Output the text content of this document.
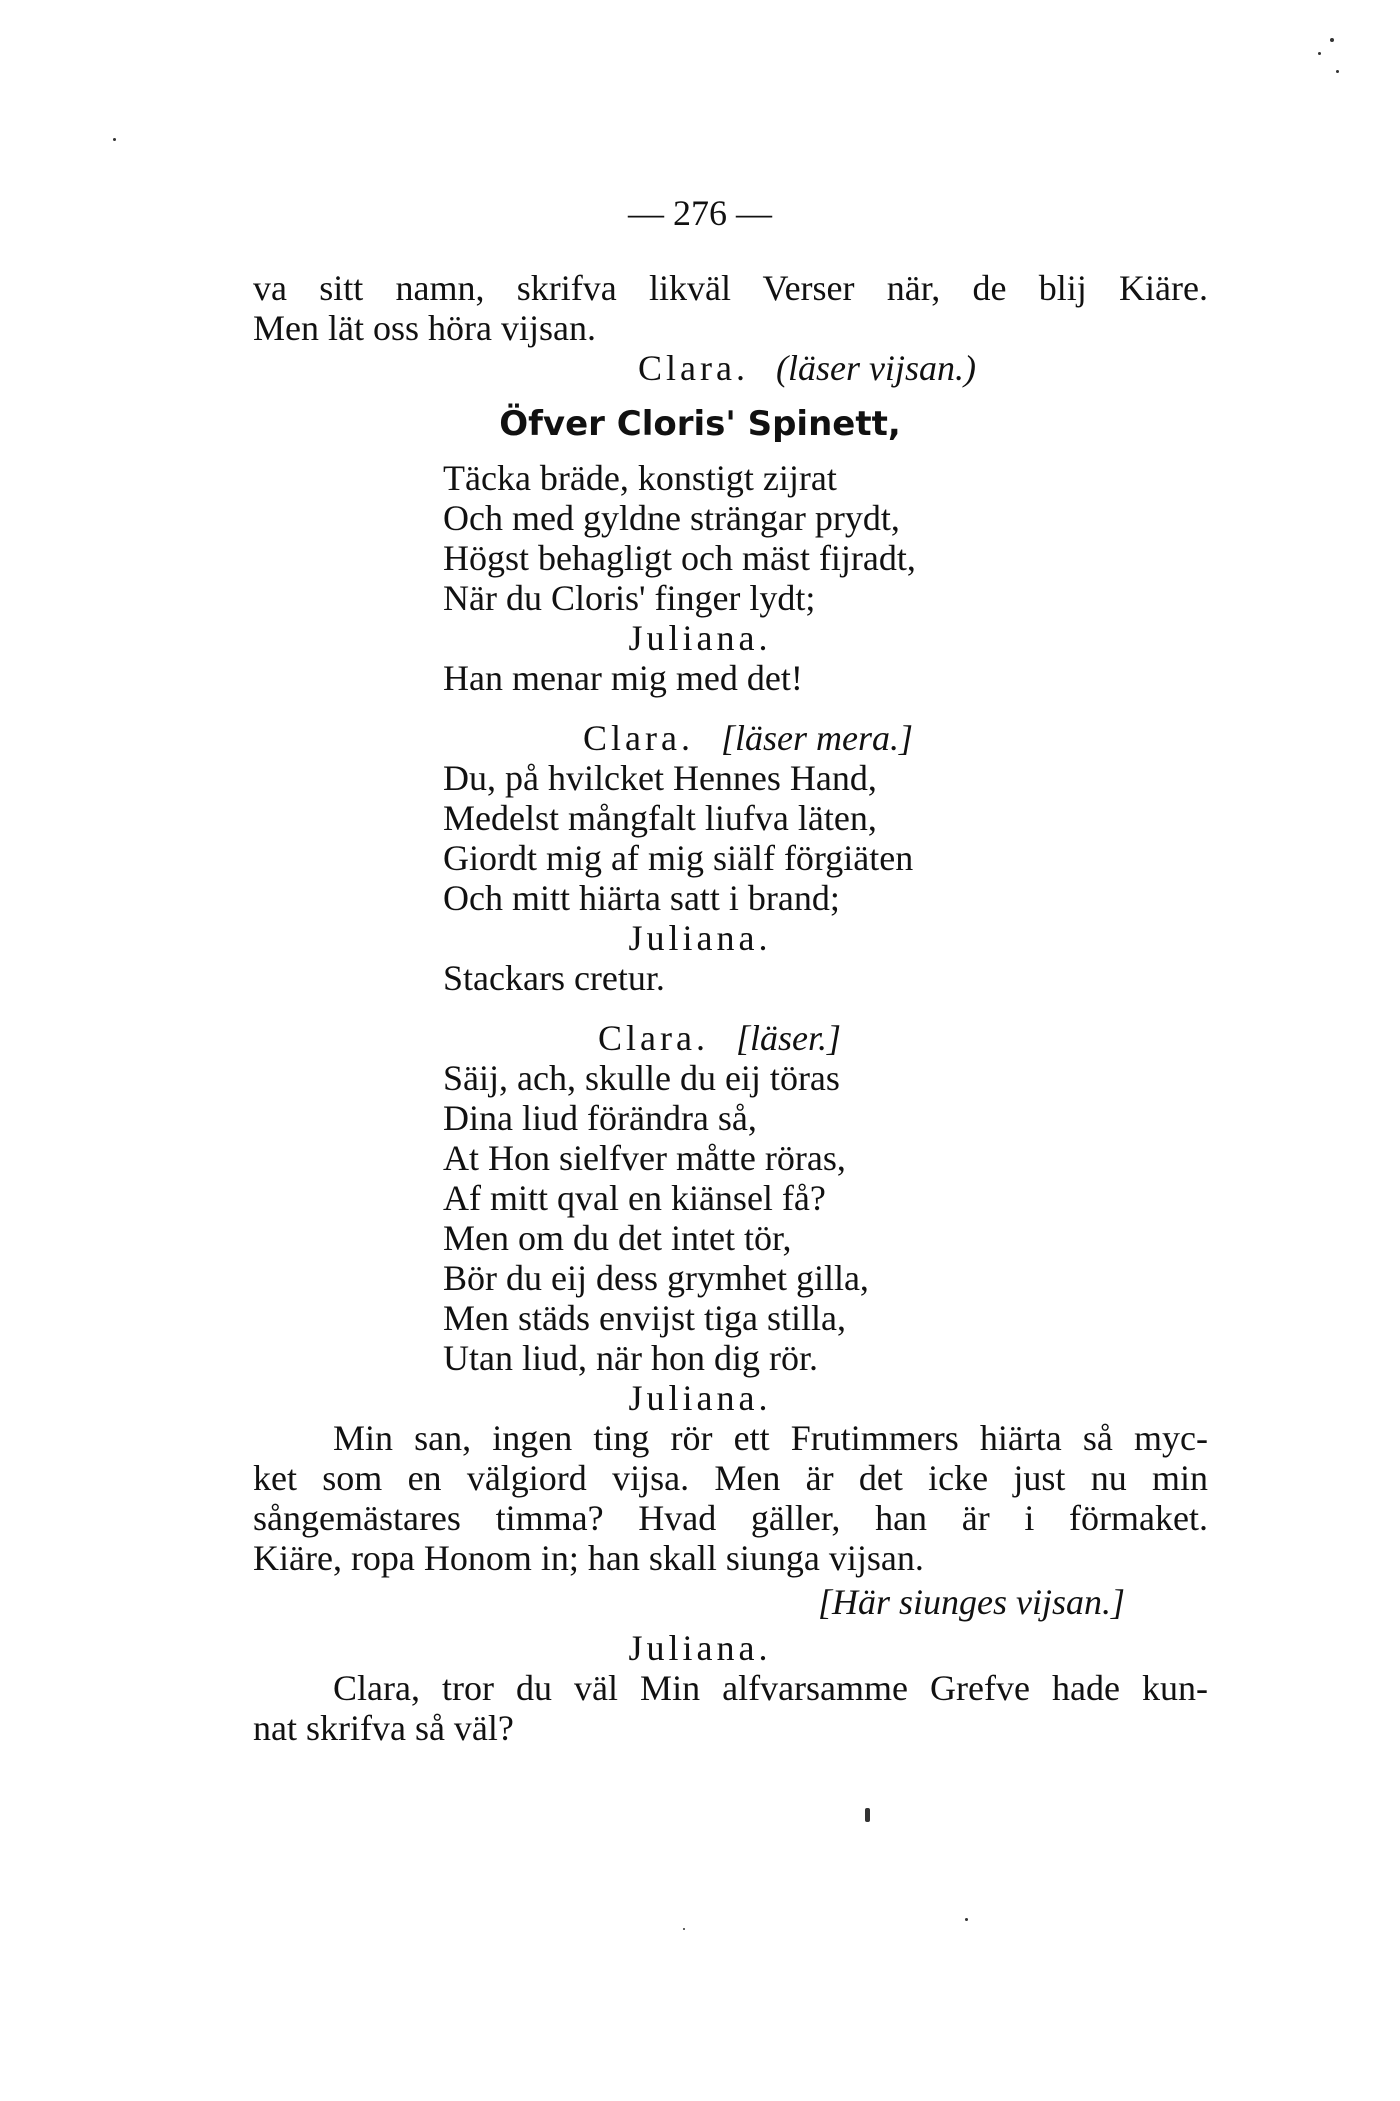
— 276 —
va sitt namn, skrifva likväl Verser när, de blij Kiäre.
Men lät oss höra vijsan.
Clara. (läser vijsan.)
Öfver Cloris' Spinett,
Täcka bräde, konstigt zijrat
Och med gyldne strängar prydt,
Högst behagligt och mäst fijradt,
När du Cloris' finger lydt;
Juliana.
Han menar mig med det!
Clara. [läser mera.]
Du, på hvilcket Hennes Hand,
Medelst mångfalt liufva läten,
Giordt mig af mig siälf förgiäten
Och mitt hiärta satt i brand;
Juliana.
Stackars cretur.
Clara. [läser.]
Säij, ach, skulle du eij töras
Dina liud förändra så,
At Hon sielfver måtte röras,
Af mitt qval en kiänsel få?
Men om du det intet tör,
Bör du eij dess grymhet gilla,
Men städs envijst tiga stilla,
Utan liud, när hon dig rör.
Juliana.
Min san, ingen ting rör ett Frutimmers hiärta så myc-
ket som en välgiord vijsa. Men är det icke just nu min
sångemästares timma? Hvad gäller, han är i förmaket.
Kiäre, ropa Honom in; han skall siunga vijsan.
[Här siunges vijsan.]
Juliana.
Clara, tror du väl Min alfvarsamme Grefve hade kun-
nat skrifva så väl?
